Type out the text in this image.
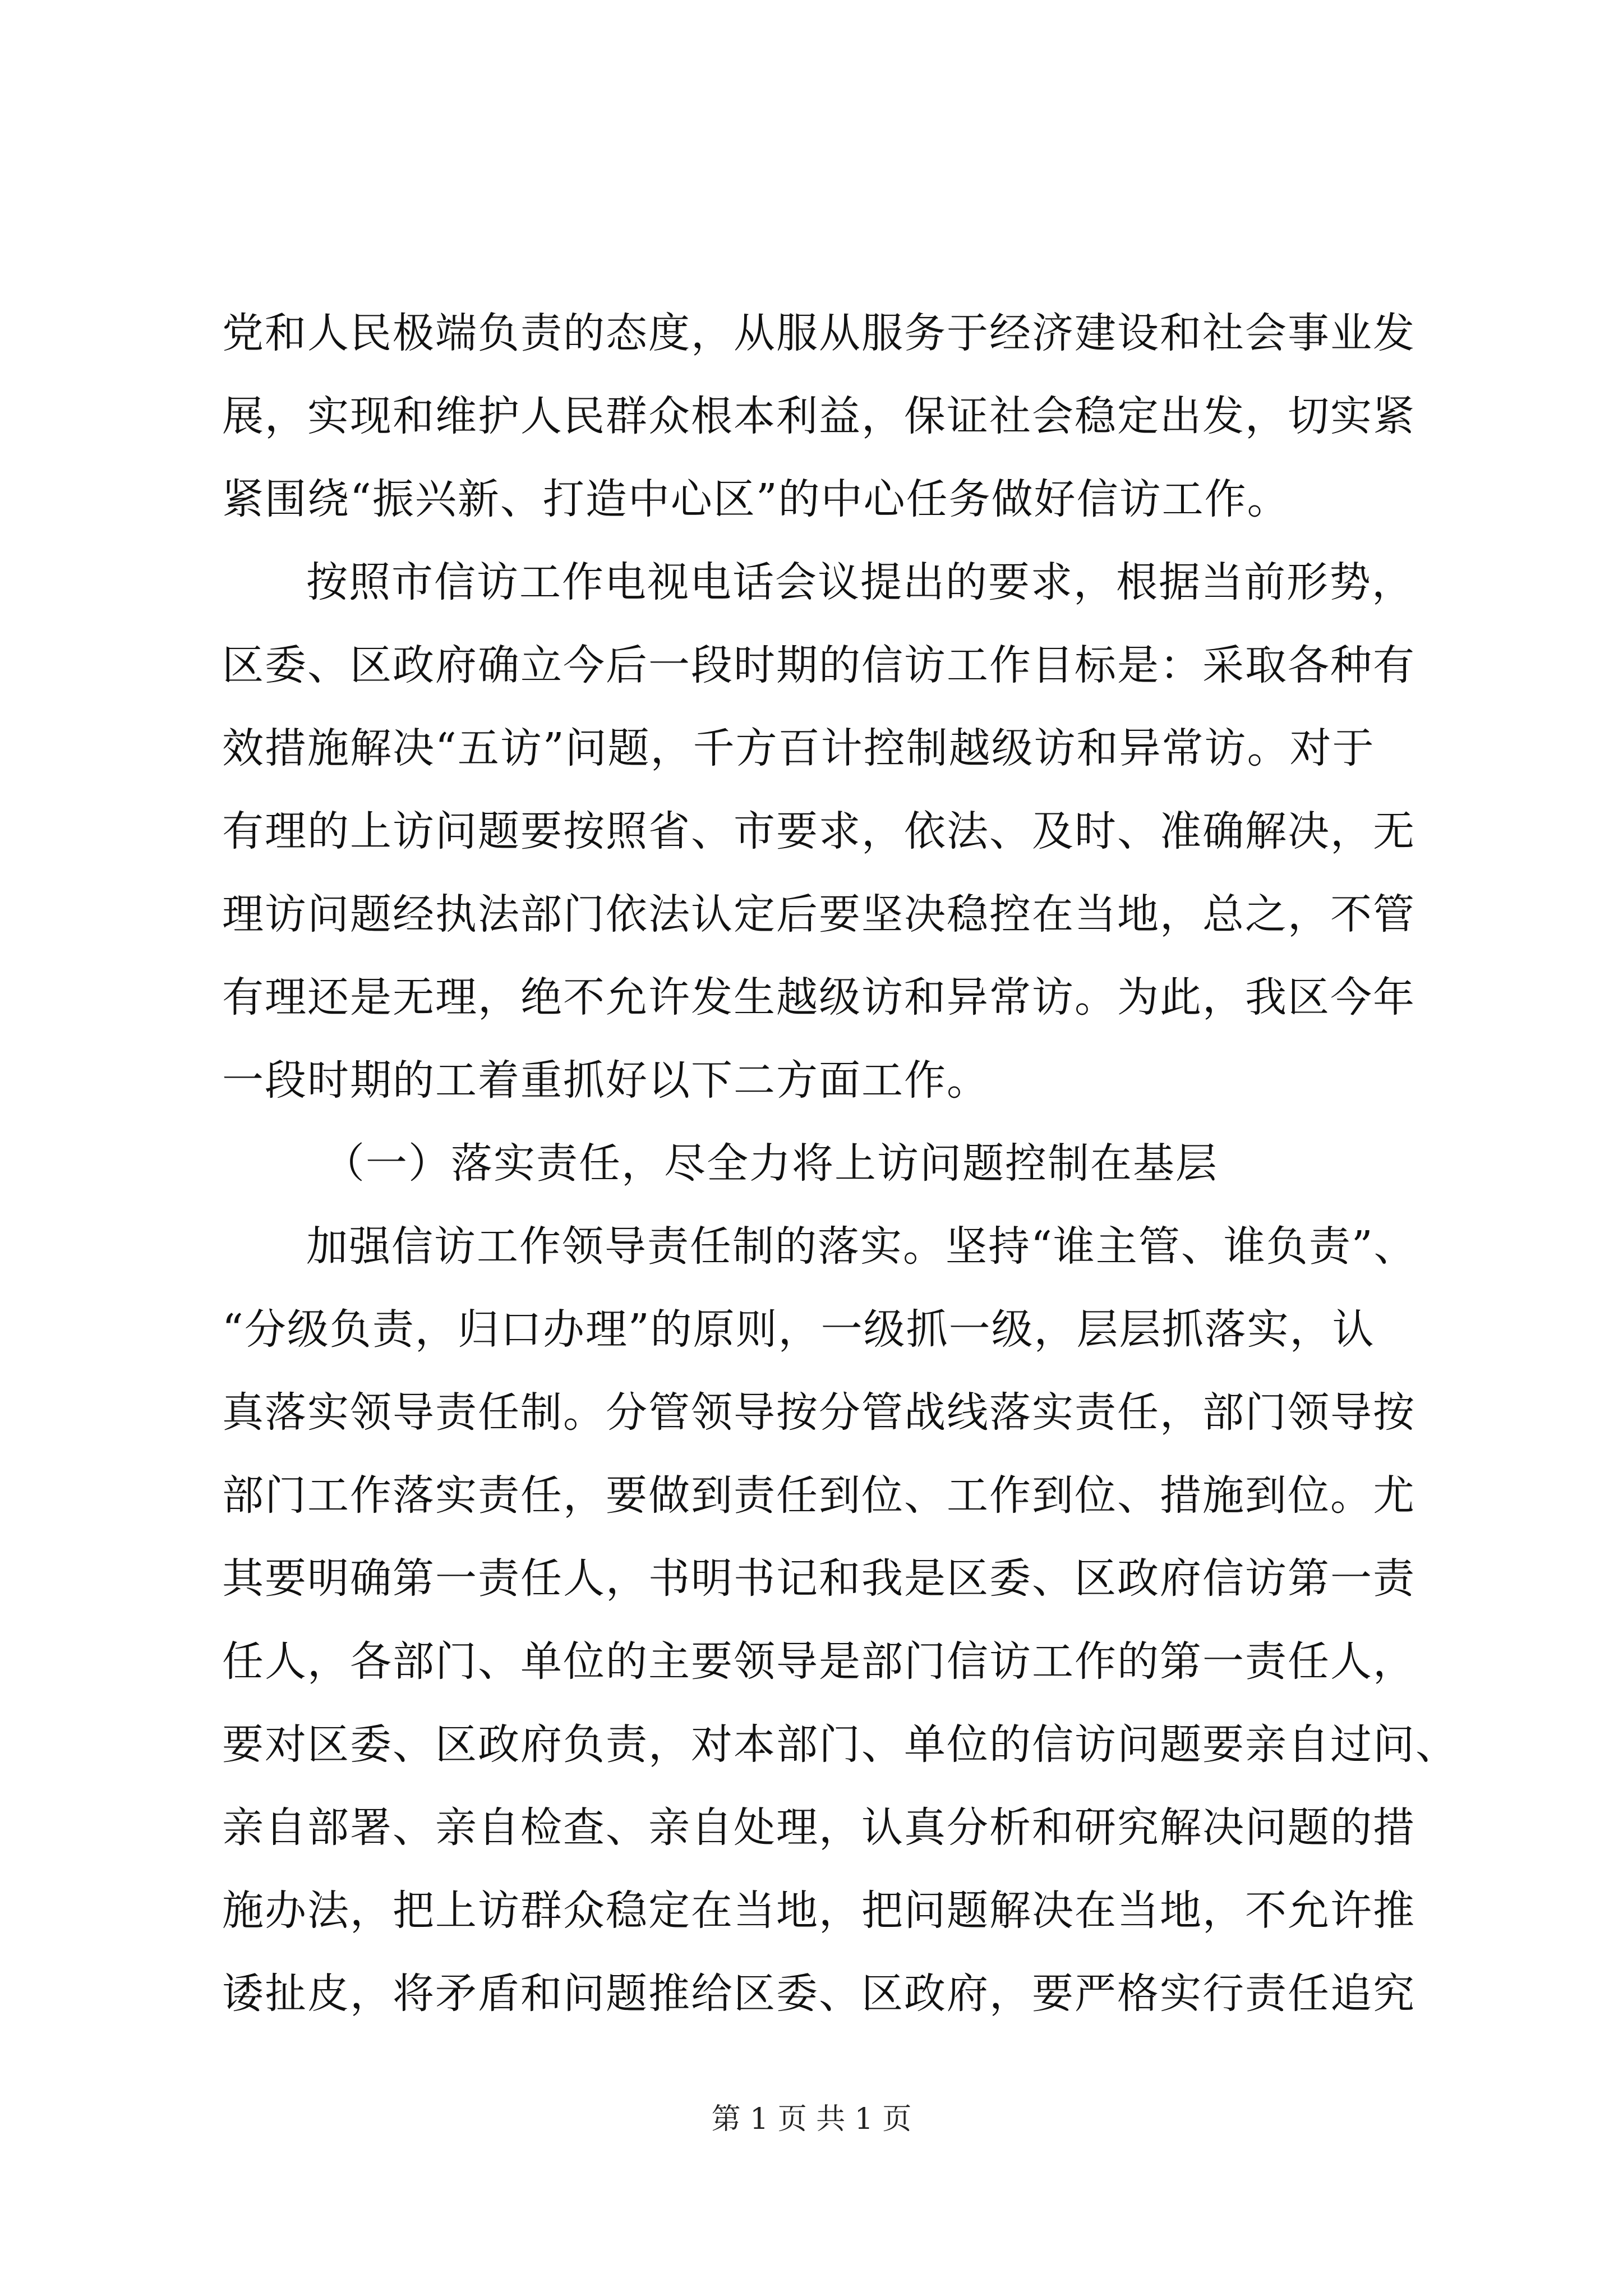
党和人民极端负责的态度，从服从服务于经济建设和社会事业发
展，实现和维护人民群众根本利益，保证社会稳定出发，切实紧
紧围绕“振兴新、打造中心区”的中心任务做好信访工作。
按照市信访工作电视电话会议提出的要求，根据当前形势，
区委、区政府确立今后一段时期的信访工作目标是：采取各种有
效措施解决“五访”问题，千方百计控制越级访和异常访。对于
有理的上访问题要按照省、市要求，依法、及时、准确解决，无
理访问题经执法部门依法认定后要坚决稳控在当地，总之，不管
有理还是无理，绝不允许发生越级访和异常访。为此，我区今年
一段时期的工着重抓好以下二方面工作。
（一）落实责任，尽全力将上访问题控制在基层
加强信访工作领导责任制的落实。坚持“谁主管、谁负责”、
“分级负责，归口办理”的原则，一级抓一级，层层抓落实，认
真落实领导责任制。分管领导按分管战线落实责任，部门领导按
部门工作落实责任，要做到责任到位、工作到位、措施到位。尤
其要明确第一责任人，书明书记和我是区委、区政府信访第一责
任人，各部门、单位的主要领导是部门信访工作的第一责任人，
要对区委、区政府负责，对本部门、单位的信访问题要亲自过问、
亲自部署、亲自检查、亲自处理，认真分析和研究解决问题的措
施办法，把上访群众稳定在当地，把问题解决在当地，不允许推
诿扯皮，将矛盾和问题推给区委、区政府，要严格实行责任追究
第 1 页 共 1 页
